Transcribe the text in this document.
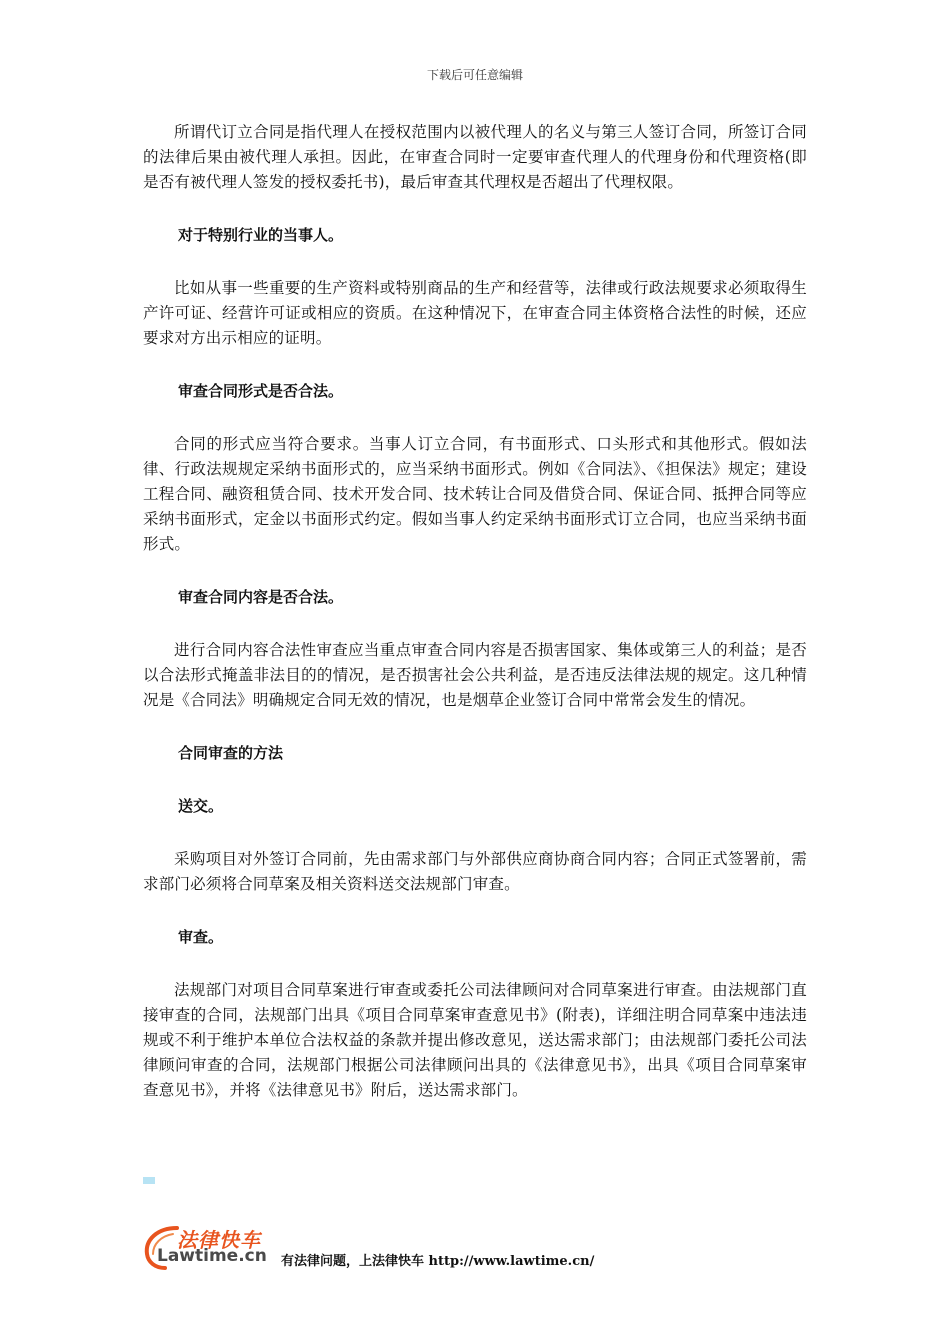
下载后可任意编辑

所谓代订立合同是指代理人在授权范围内以被代理人的名义与第三人签订合同，所签订合同的法律后果由被代理人承担。因此，在审查合同时一定要审查代理人的代理身份和代理资格(即是否有被代理人签发的授权委托书)，最后审查其代理权是否超出了代理权限。

对于特别行业的当事人。

比如从事一些重要的生产资料或特别商品的生产和经营等，法律或行政法规要求必须取得生产许可证、经营许可证或相应的资质。在这种情况下，在审查合同主体资格合法性的时候，还应要求对方出示相应的证明。

审查合同形式是否合法。

合同的形式应当符合要求。当事人订立合同，有书面形式、口头形式和其他形式。假如法律、行政法规规定采纳书面形式的，应当采纳书面形式。例如《合同法》、《担保法》规定；建设工程合同、融资租赁合同、技术开发合同、技术转让合同及借贷合同、保证合同、抵押合同等应采纳书面形式，定金以书面形式约定。假如当事人约定采纳书面形式订立合同，也应当采纳书面形式。

审查合同内容是否合法。

进行合同内容合法性审查应当重点审查合同内容是否损害国家、集体或第三人的利益；是否以合法形式掩盖非法目的的情况，是否损害社会公共利益，是否违反法律法规的规定。这几种情况是《合同法》明确规定合同无效的情况，也是烟草企业签订合同中常常会发生的情况。

合同审查的方法
送交。

采购项目对外签订合同前，先由需求部门与外部供应商协商合同内容；合同正式签署前，需求部门必须将合同草案及相关资料送交法规部门审查。

审查。

法规部门对项目合同草案进行审查或委托公司法律顾问对合同草案进行审查。由法规部门直接审查的合同，法规部门出具《项目合同草案审查意见书》(附表)，详细注明合同草案中违法违规或不利于维护本单位合法权益的条款并提出修改意见，送达需求部门；由法规部门委托公司法律顾问审查的合同，法规部门根据公司法律顾问出具的《法律意见书》，出具《项目合同草案审查意见书》，并将《法律意见书》附后，送达需求部门。

法律快车
Lawtime.cn 有法律问题，上法律快车 http://www.lawtime.cn/
